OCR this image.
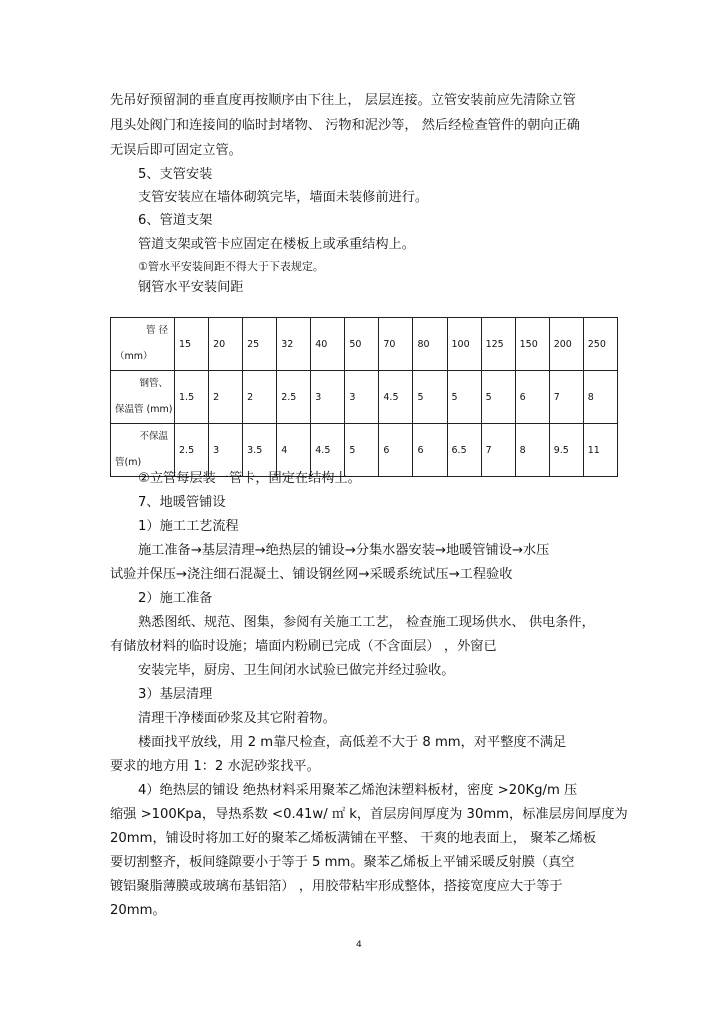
先吊好预留洞的垂直度再按顺序由下往上， 层层连接。立管安装前应先清除立管
甩头处阀门和连接间的临时封堵物、 污物和泥沙等， 然后经检查管件的朝向正确
无误后即可固定立管。
5、支管安装
支管安装应在墙体砌筑完毕，墙面未装修前进行。
6、管道支架
管道支架或管卡应固定在楼板上或承重结构上。
①管水平安装间距不得大于下表规定。
钢管水平安装间距
管 径
（mm）	15	20	25	32	40	50	70	80	100	125	150	200	250

钢管、
保温管 (mm)	1.5	2	2	2.5	3	3	4.5	5	5	5	6	7	8

不保温
管(m)	2.5	3	3.5	4	4.5	5	6	6	6.5	7	8	9.5	11
②立管每层装一管卡，固定在结构上。
7、地暖管铺设
1）施工工艺流程
施工准备→基层清理→绝热层的铺设→分集水器安装→地暖管铺设→水压
试验并保压→浇注细石混凝土、铺设钢丝网→采暖系统试压→工程验收
2）施工准备
熟悉图纸、规范、图集，参阅有关施工工艺， 检查施工现场供水、 供电条件，
有储放材料的临时设施；墙面内粉刷已完成（不含面层） ，外窗已
安装完毕，厨房、卫生间闭水试验已做完并经过验收。
3）基层清理
清理干净楼面砂浆及其它附着物。
楼面找平放线，用 2 m靠尺检查，高低差不大于 8 mm，对平整度不满足
要求的地方用 1：2 水泥砂浆找平。
4）绝热层的铺设 绝热材料采用聚苯乙烯泡沫塑料板材，密度 >20Kg/m 压
缩强 >100Kpa，导热系数 <0.41w/ ㎡ k，首层房间厚度为 30mm，标准层房间厚度为
20mm，铺设时将加工好的聚苯乙烯板满铺在平整、 干爽的地表面上， 聚苯乙烯板
要切割整齐，板间缝隙要小于等于 5 mm。聚苯乙烯板上平铺采暖反射膜（真空
镀铝聚脂薄膜或玻璃布基铝箔） ，用胶带粘牢形成整体，搭接宽度应大于等于
20mm。
4
